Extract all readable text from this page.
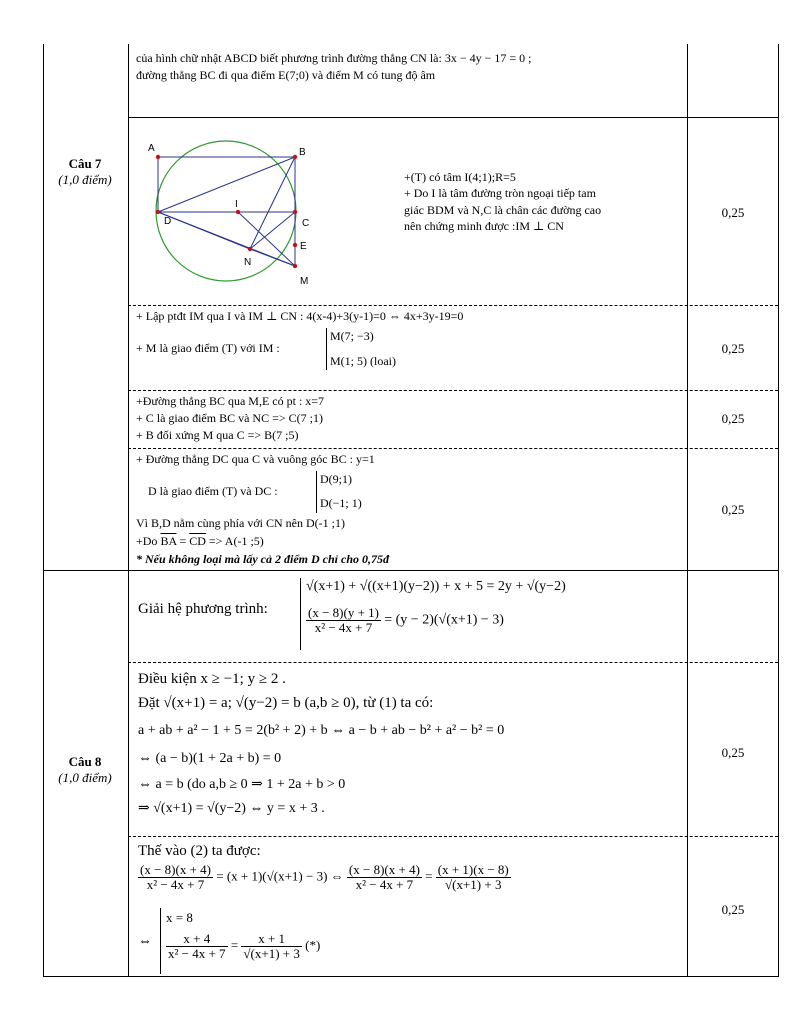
Câu 7
(1,0 điểm)
của hình chữ nhật ABCD biết phương trình đường thẳng CN là: 3x − 4y − 17 = 0 ;
đường thẳng BC đi qua điểm E(7;0) và điểm M có tung độ âm
A	B
C
D
I
E
M
N
+(T) có tâm I(4;1);R=5
+ Do I là tâm đường tròn ngoại tiếp tam
giác BDM và N,C là chân các đường cao
nên chứng minh được :IM ⊥ CN
0,25
+ Lập ptđt IM qua I và IM ⊥ CN : 4(x-4)+3(y-1)=0 ⇔ 4x+3y-19=0
+ M là giao điểm (T) với IM :
M(7; −3)
M(1; 5) (loai)
0,25
+Đường thẳng BC qua M,E có pt : x=7
+ C là giao điểm BC và NC => C(7 ;1)
+ B đối xứng M qua C => B(7 ;5)
0,25
+ Đường thẳng DC qua C và vuông góc BC : y=1
D là giao điểm (T) và DC :
D(9;1)
D(−1; 1)
Vì B,D nằm cùng phía với CN nên D(-1 ;1)
+Do $\overline{BA} = \overline{CD} => A(-1$ ;5)
* Nếu không loại mà lấy cả 2 điểm D chỉ cho 0,75đ
0,25
Câu 8
(1,0 điểm)
Giải hệ phương trình:
√(x+1) + √((x+1)(y−2)) + x + 5 = 2y + √(y−2)
$\frac{(x - 8)(y + 1)}{\text{x² − 4x + 7}} = (y - 2)(√(x+1) - 3)$
Điều kiện x ≥ −1; y ≥ 2 .
Đặt √(x+1) = a; √(y−2) = b (a,b ≥ 0), từ (1) ta có:
a + ab + a² − 1 + 5 = 2(b² + 2) + b ⇔ a − b + ab − b² + a² − b² = 0
⇔ (a − b)(1 + 2a + b) = 0
⇔ a = b (do a,b ≥ 0 ⇒ 1 + 2a + b > 0
⇒ √(x+1) = √(y−2) ⇔ y = x + 3 .
0,25
Thế vào (2) ta được:
$\frac{(x - 8)(x + 4)}{\text{x² − 4x + 7}} = (x + 1)(√(x+1) - 3)$ ⇔ $\frac{(x - 8)(x + 4)}{\text{x² − 4x + 7}} = \frac{(x + 1)(x - 8)}{√(x+1) + 3}$
⇔
x = 8
$\frac{x + 4}{\text{x² − 4x + 7}} = \frac{x + 1}{√(x+1) + 3}$ (*)
0,25
